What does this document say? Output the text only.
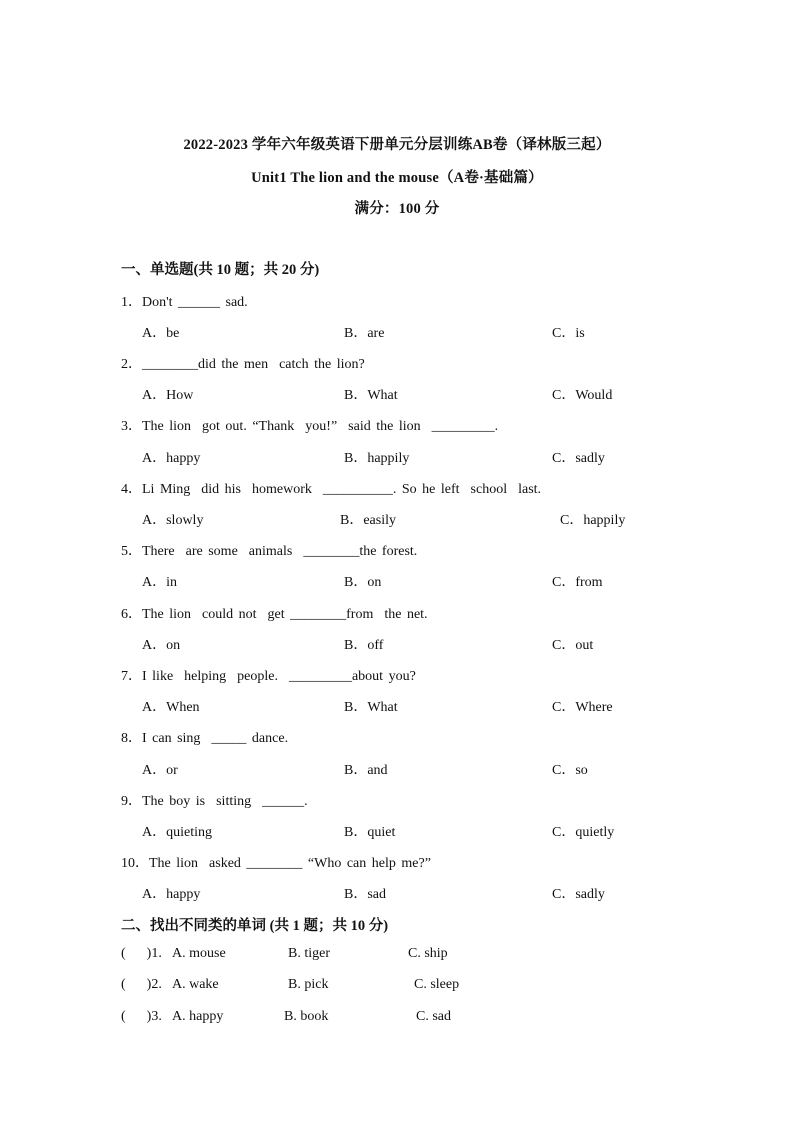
2022-2023 学年六年级英语下册单元分层训练AB卷（译林版三起）
Unit1 The lion and the mouse（A卷·基础篇）
满分：100 分
一、单选题(共 10 题；共 20 分)
1．Don't ______ sad.
A．be	B．are	C．is
2．________did the men  catch the lion?
A．How	B．What	C．Would
3．The lion  got out. “Thank  you!”  said the lion  _________.
A．happy	B．happily	C．sadly
4．Li Ming  did his  homework  __________. So he left  school  last.
A．slowly	B．easily	C．happily
5．There  are some  animals  ________the forest.
A．in	B．on	C．from
6．The lion  could not  get ________from  the net.
A．on	B．off	C．out
7．I like  helping  people.  _________about you?
A．When	B．What	C．Where
8．I can sing  _____ dance.
A．or	B．and	C．so
9．The boy is  sitting  ______.
A．quieting	B．quiet	C．quietly
10．The lion  asked ________ “Who can help me?”
A．happy	B．sad	C．sadly
二、找出不同类的单词 (共 1 题；共 10 分)
(      )1. A. mouse	B. tiger	C. ship
(      )2. A. wake	B. pick	C. sleep
(      )3. A. happy	B. book	C. sad
